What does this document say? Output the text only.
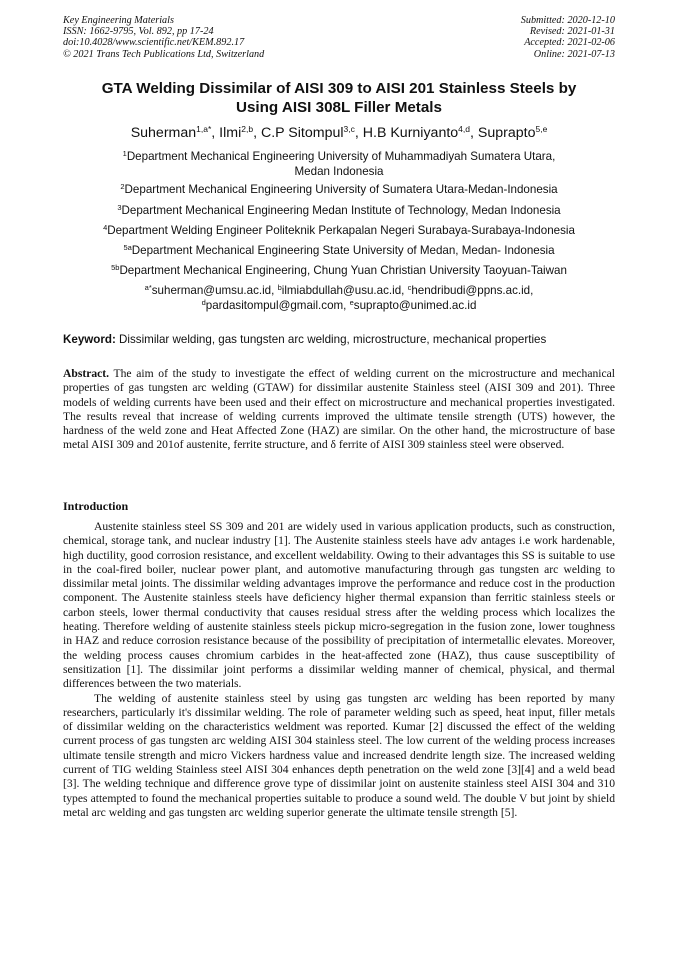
Key Engineering Materials
ISSN: 1662-9795, Vol. 892, pp 17-24
doi:10.4028/www.scientific.net/KEM.892.17
© 2021 Trans Tech Publications Ltd, Switzerland
Submitted: 2020-12-10
Revised: 2021-01-31
Accepted: 2021-02-06
Online: 2021-07-13
GTA Welding Dissimilar of AISI 309 to AISI 201 Stainless Steels by
Using AISI 308L Filler Metals
Suherman$^{1,a*}$, Ilmi$^{2,b}$, C.P Sitompul$^{3,c}$, H.B Kurniyanto$^{4,d}$, Suprapto$^{5,e}$
$^1$Department Mechanical Engineering University of Muhammadiyah Sumatera Utara,
Medan Indonesia
$^2$Department Mechanical Engineering University of Sumatera Utara-Medan-Indonesia
$^3$Department Mechanical Engineering Medan Institute of Technology, Medan Indonesia
$^4$Department Welding Engineer Politeknik Perkapalan Negeri Surabaya-Surabaya-Indonesia
$^{5a}$Department Mechanical Engineering State University of Medan, Medan- Indonesia
$^{5b}$Department Mechanical Engineering, Chung Yuan Christian University Taoyuan-Taiwan
$^{a*}$suherman@umsu.ac.id, $^b$ilmiabdullah@usu.ac.id, $^c$hendribudi@ppns.ac.id,
$^d$pardasitompul@gmail.com, $^e$suprapto@unimed.ac.id
Keyword: Dissimilar welding, gas tungsten arc welding, microstructure, mechanical properties

Abstract. The aim of the study to investigate the effect of welding current on the microstructure and mechanical properties of gas tungsten arc welding (GTAW) for dissimilar austenite Stainless steel (AISI 309 and 201). Three models of welding currents have been used and their effect on microstructure and mechanical properties investigated. The results reveal that increase of welding currents improved the ultimate tensile strength (UTS) however, the hardness of the weld zone and Heat Affected Zone (HAZ) are similar. On the other hand, the microstructure of base metal AISI 309 and 201of austenite, ferrite structure, and δ ferrite of AISI 309 stainless steel were observed.

Introduction

Austenite stainless steel SS 309 and 201 are widely used in various application products, such as construction, chemical, storage tank, and nuclear industry [1]. The Austenite stainless steels have adv antages i.e work hardenable, high ductility, good corrosion resistance, and excellent weldability. Owing to their advantages this SS is suitable to use in the coal-fired boiler, nuclear power plant, and automotive manufacturing through gas tungsten arc welding to dissimilar metal joints. The dissimilar welding advantages improve the performance and reduce cost in the production component. The Austenite stainless steels have deficiency higher thermal expansion than ferritic stainless steels or carbon steels, lower thermal conductivity that causes residual stress after the welding process which localizes the heating. Therefore welding of austenite stainless steels pickup micro-segregation in the fusion zone, lower toughness in HAZ and reduce corrosion resistance because of the possibility of precipitation of intermetallic elevates. Moreover, the welding process causes chromium carbides in the heat-affected zone (HAZ), thus cause susceptibility of sensitization [1]. The dissimilar joint performs a dissimilar welding manner of chemical, physical, and thermal differences between the two materials.

The welding of austenite stainless steel by using gas tungsten arc welding has been reported by many researchers, particularly it's dissimilar welding. The role of parameter welding such as speed, heat input, filler metals of dissimilar welding on the characteristics weldment was reported. Kumar [2] discussed the effect of the welding current process of gas tungsten arc welding AISI 304 stainless steel. The low current of the welding process increases ultimate tensile strength and micro Vickers hardness value and increased dendrite length size. The increased welding current of TIG welding Stainless steel AISI 304 enhances depth penetration on the weld zone [3][4] and a weld bead [3]. The welding technique and difference grove type of dissimilar joint on austenite stainless steel AISI 304 and 310 types attempted to found the mechanical properties suitable to produce a sound weld. The double V but joint by shield metal arc welding and gas tungsten arc welding superior generate the ultimate tensile strength [5].
